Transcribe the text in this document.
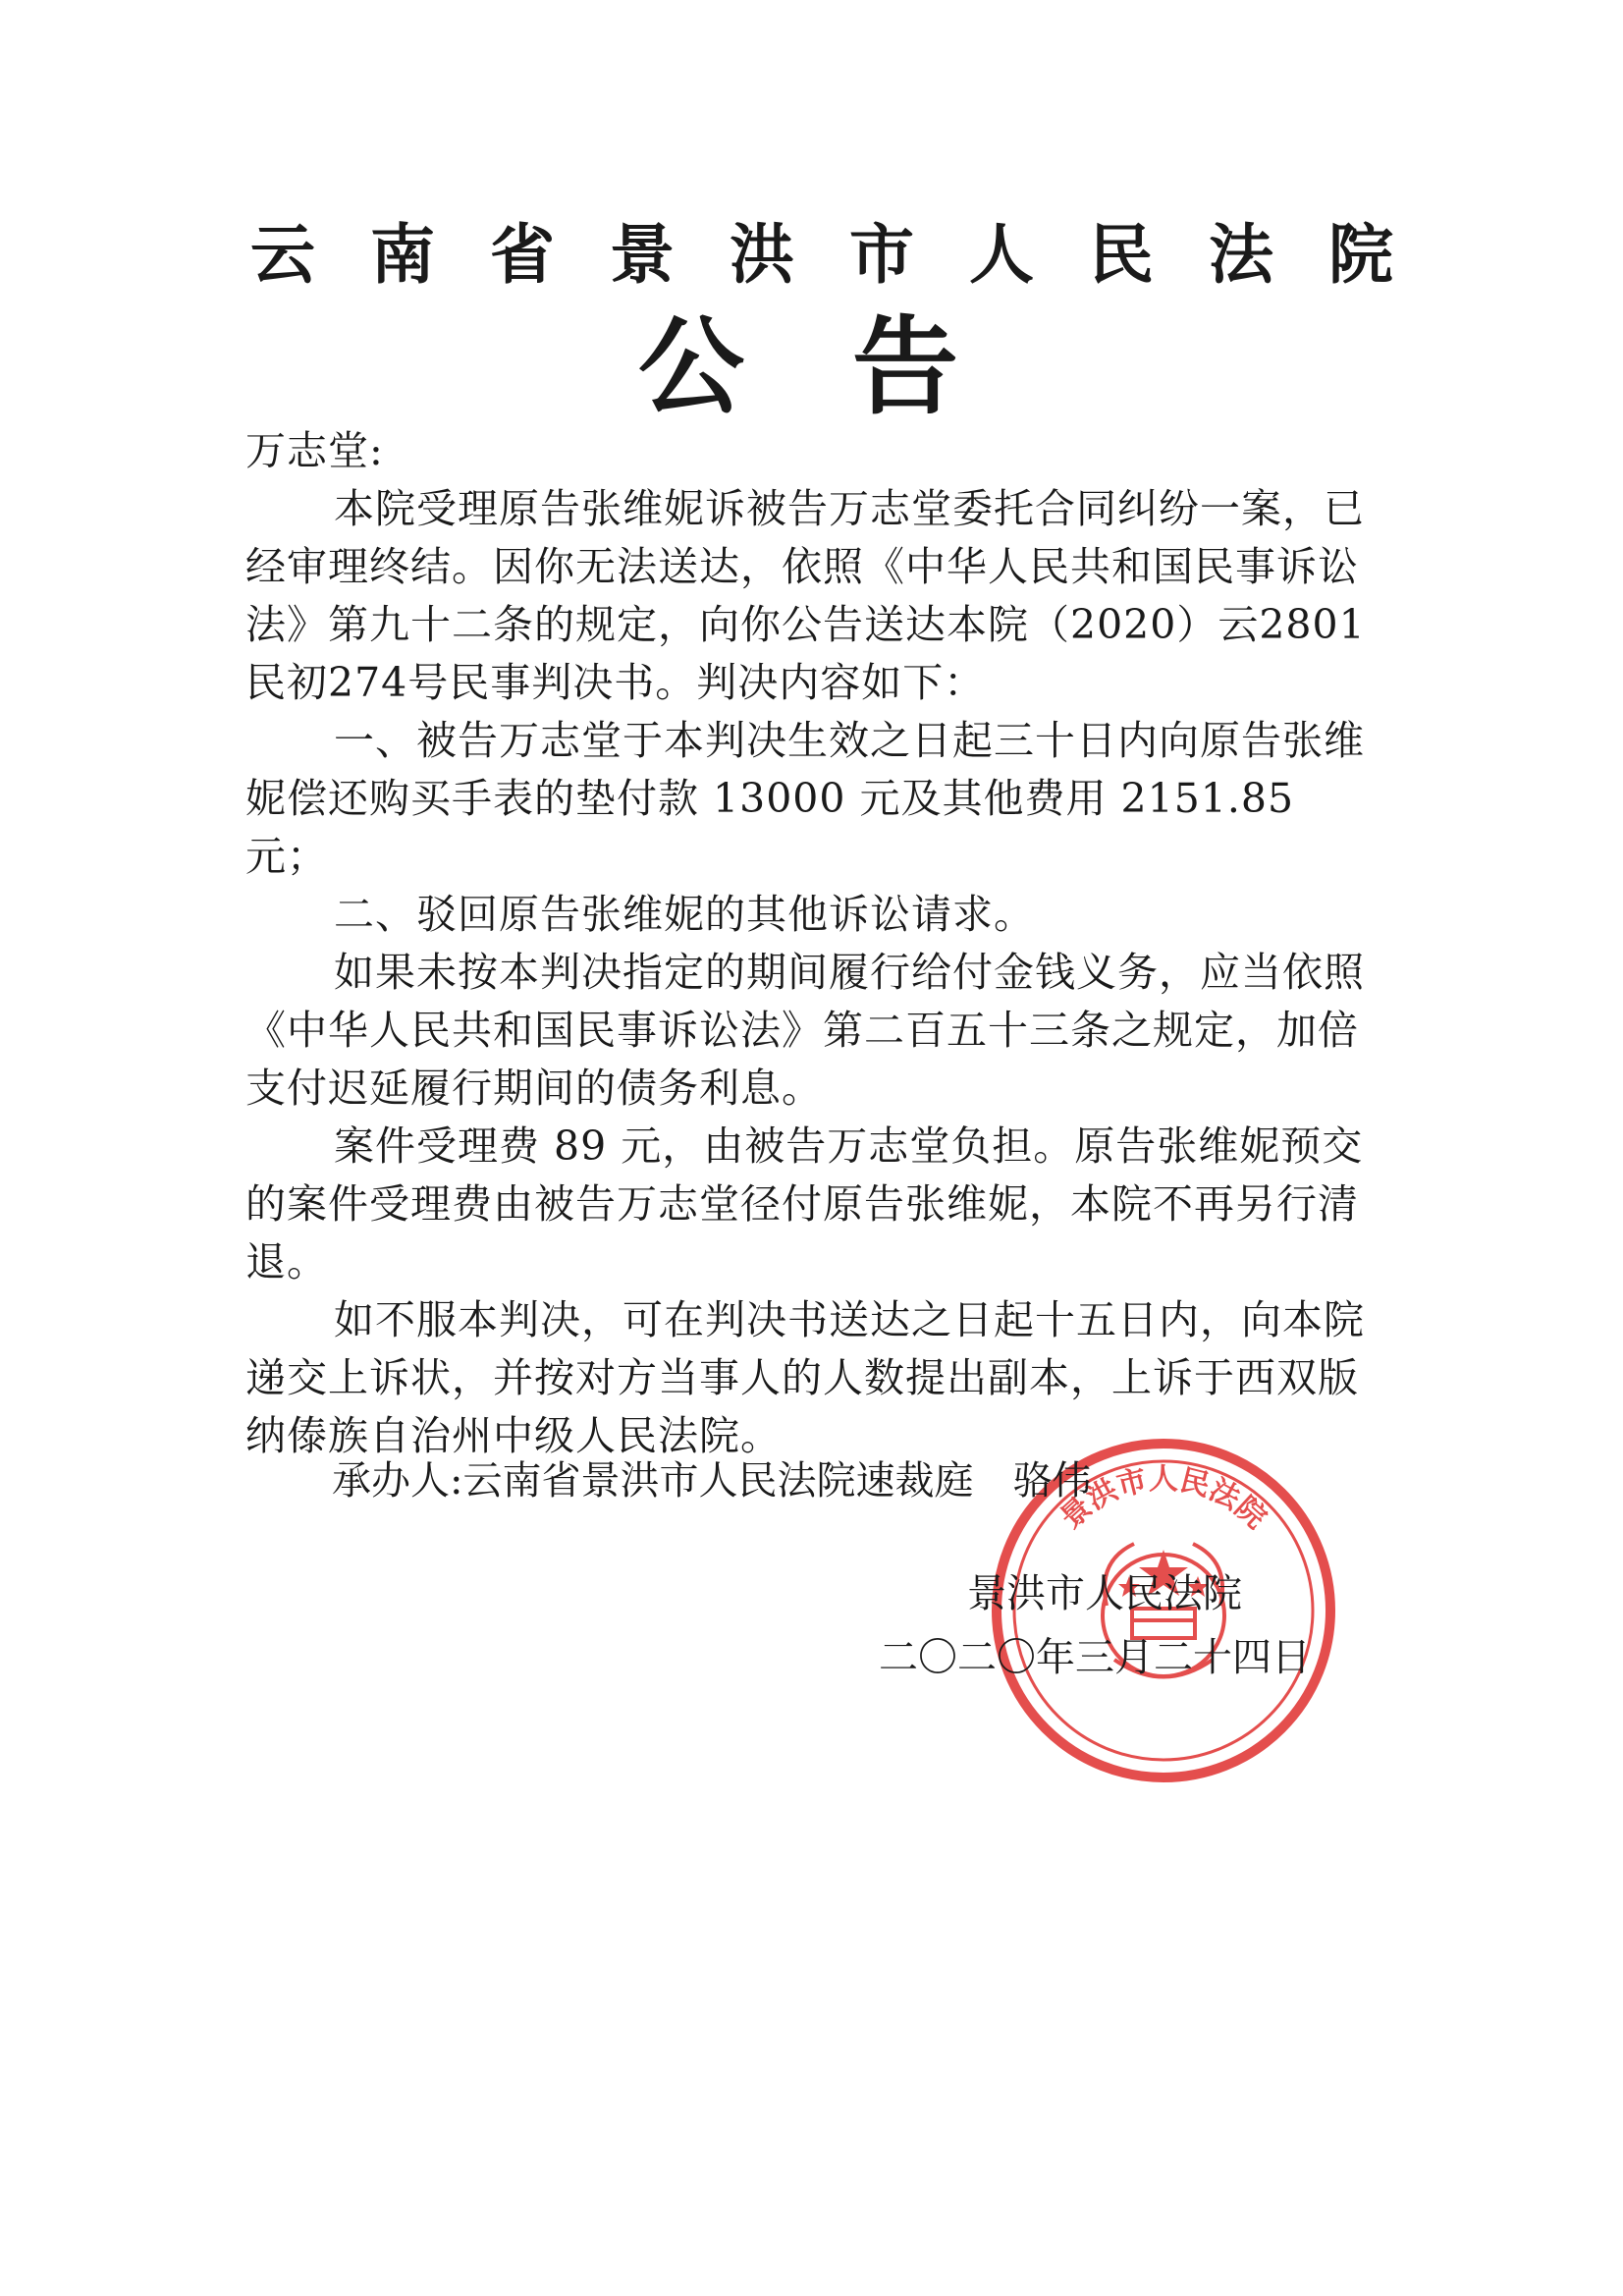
云南省景洪市人民法院
公告

万志堂:

本院受理原告张维妮诉被告万志堂委托合同纠纷一案，已经审理终结。因你无法送达，依照《中华人民共和国民事诉讼法》第九十二条的规定，向你公告送达本院（2020）云2801民初274号民事判决书。判决内容如下：

一、被告万志堂于本判决生效之日起三十日内向原告张维妮偿还购买手表的垫付款 13000 元及其他费用 2151.85 元；

二、驳回原告张维妮的其他诉讼请求。

如果未按本判决指定的期间履行给付金钱义务，应当依照《中华人民共和国民事诉讼法》第二百五十三条之规定，加倍支付迟延履行期间的债务利息。

案件受理费 89 元，由被告万志堂负担。原告张维妮预交的案件受理费由被告万志堂径付原告张维妮，本院不再另行清退。

如不服本判决，可在判决书送达之日起十五日内，向本院递交上诉状，并按对方当事人的人数提出副本，上诉于西双版纳傣族自治州中级人民法院。

承办人:云南省景洪市人民法院速裁庭 骆伟
景洪市人民法院
二〇二〇年三月二十四日
景洪市人民法院
